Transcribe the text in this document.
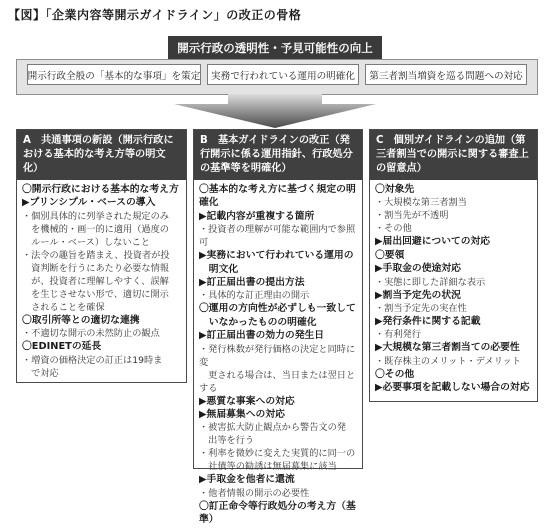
【図】「企業内容等開示ガイドライン」の改正の骨格
開示行政の透明性・予見可能性の向上
開示行政全般の「基本的な事項」を策定	実務で行われている運用の明確化	第三者割当増資を巡る問題への対応
A　共通事項の新設（開示行政における基本的な考え方等の明文化）
〇開示行政における基本的な考え方
▶プリンシプル・ベースの導入
・個別具体的に列挙された規定のみ
　を機械的・画一的に適用（過度の
　ルール・ベース）しないこと
・法令の趣旨を踏まえ、投資者が投
　資判断を行うにあたり必要な情報
　が、投資者に理解しやすく、誤解
　を生じさせない形で、適切に開示
　されることを確保
〇取引所等との適切な連携
・不適切な開示の未然防止の観点
〇EDINETの延長
・増資の価格決定の訂正は19時ま
　で対応
B　基本ガイドラインの改正（発行開示に係る運用指針、行政処分の基準等を明確化）
〇基本的な考え方に基づく規定の明確化
▶記載内容が重複する箇所
・投資者の理解が可能な範囲内で参照可
▶実務において行われている運用の
　明文化
▶訂正届出書の提出方法
・具体的な訂正理由の開示
〇運用の方向性が必ずしも一致して
　いなかったものの明確化
▶訂正届出書の効力の発生日
・発行株数が発行価格の決定と同時に変
　更される場合は、当日または翌日とする
▶悪質な事案への対応
▶無届募集への対応
・被害拡大防止観点から警告文の発
　出等を行う
・利率を微妙に変えた実質的に同一の
　社債等の勧誘は無届募集に該当
▶手取金を他者に還流
・他者情報の開示の必要性
〇訂正命令等行政処分の考え方（基準）
C　個別ガイドラインの追加（第三者割当での開示に関する審査上の留意点）
〇対象先
・大規模な第三者割当
・割当先が不透明
・その他
▶届出回避についての対応
〇要領
▶手取金の使途対応
・実態に即した詳細な表示
▶割当予定先の状況
・割当予定先の実在性
▶発行条件に関する記載
・有利発行
▶大規模な第三者割当ての必要性
・既存株主のメリット・デメリット
〇その他
▶必要事項を記載しない場合の対応
